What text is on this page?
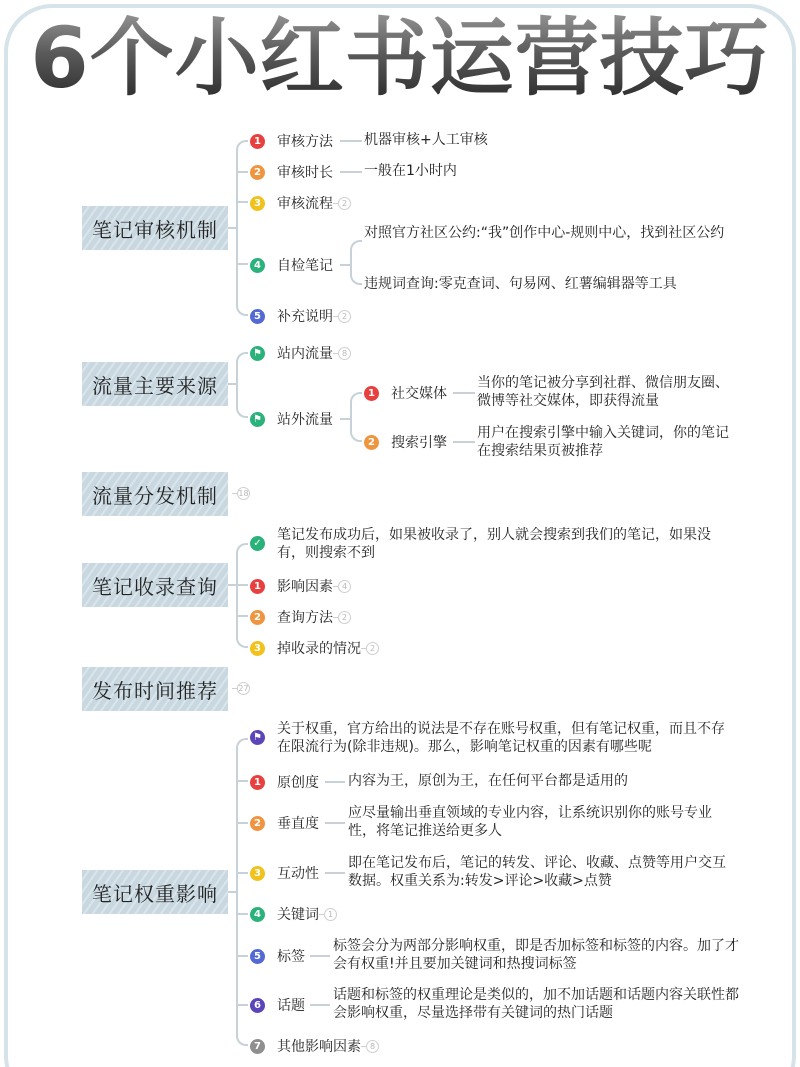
6个小红书运营技巧
笔记审核机制
1 审核方法 机器审核+人工审核
2 审核时长 一般在1小时内
3 审核流程	2
4 自检笔记
对照官方社区公约:“我”创作中心-规则中心，找到社区公约
违规词查询:零克查词、句易网、红薯编辑器等工具
5 补充说明	2
流量主要来源
⚑ 站内流量	8
⚑ 站外流量
1 社交媒体
当你的笔记被分享到社群、微信朋友圈、微博等社交媒体，即获得流量
2 搜索引擎
用户在搜索引擎中输入关键词，你的笔记在搜索结果页被推荐
流量分发机制	18
笔记收录查询
✓
笔记发布成功后，如果被收录了，别人就会搜索到我们的笔记，如果没有，则搜索不到
1 影响因素	4
2 查询方法	2
3 掉收录的情况	2
发布时间推荐	27
笔记权重影响
⚑
关于权重，官方给出的说法是不存在账号权重，但有笔记权重，而且不存在限流行为(除非违规)。那么，影响笔记权重的因素有哪些呢
1 原创度 内容为王，原创为王，在任何平台都是适用的
2 垂直度
应尽量输出垂直领域的专业内容，让系统识别你的账号专业性，将笔记推送给更多人
3 互动性
即在笔记发布后，笔记的转发、评论、收藏、点赞等用户交互数据。权重关系为:转发>评论>收藏>点赞
4 关键词	1
5 标签
标签会分为两部分影响权重，即是否加标签和标签的内容。加了才会有权重!并且要加关键词和热搜词标签
6 话题
话题和标签的权重理论是类似的，加不加话题和话题内容关联性都会影响权重，尽量选择带有关键词的热门话题
7 其他影响因素	8
